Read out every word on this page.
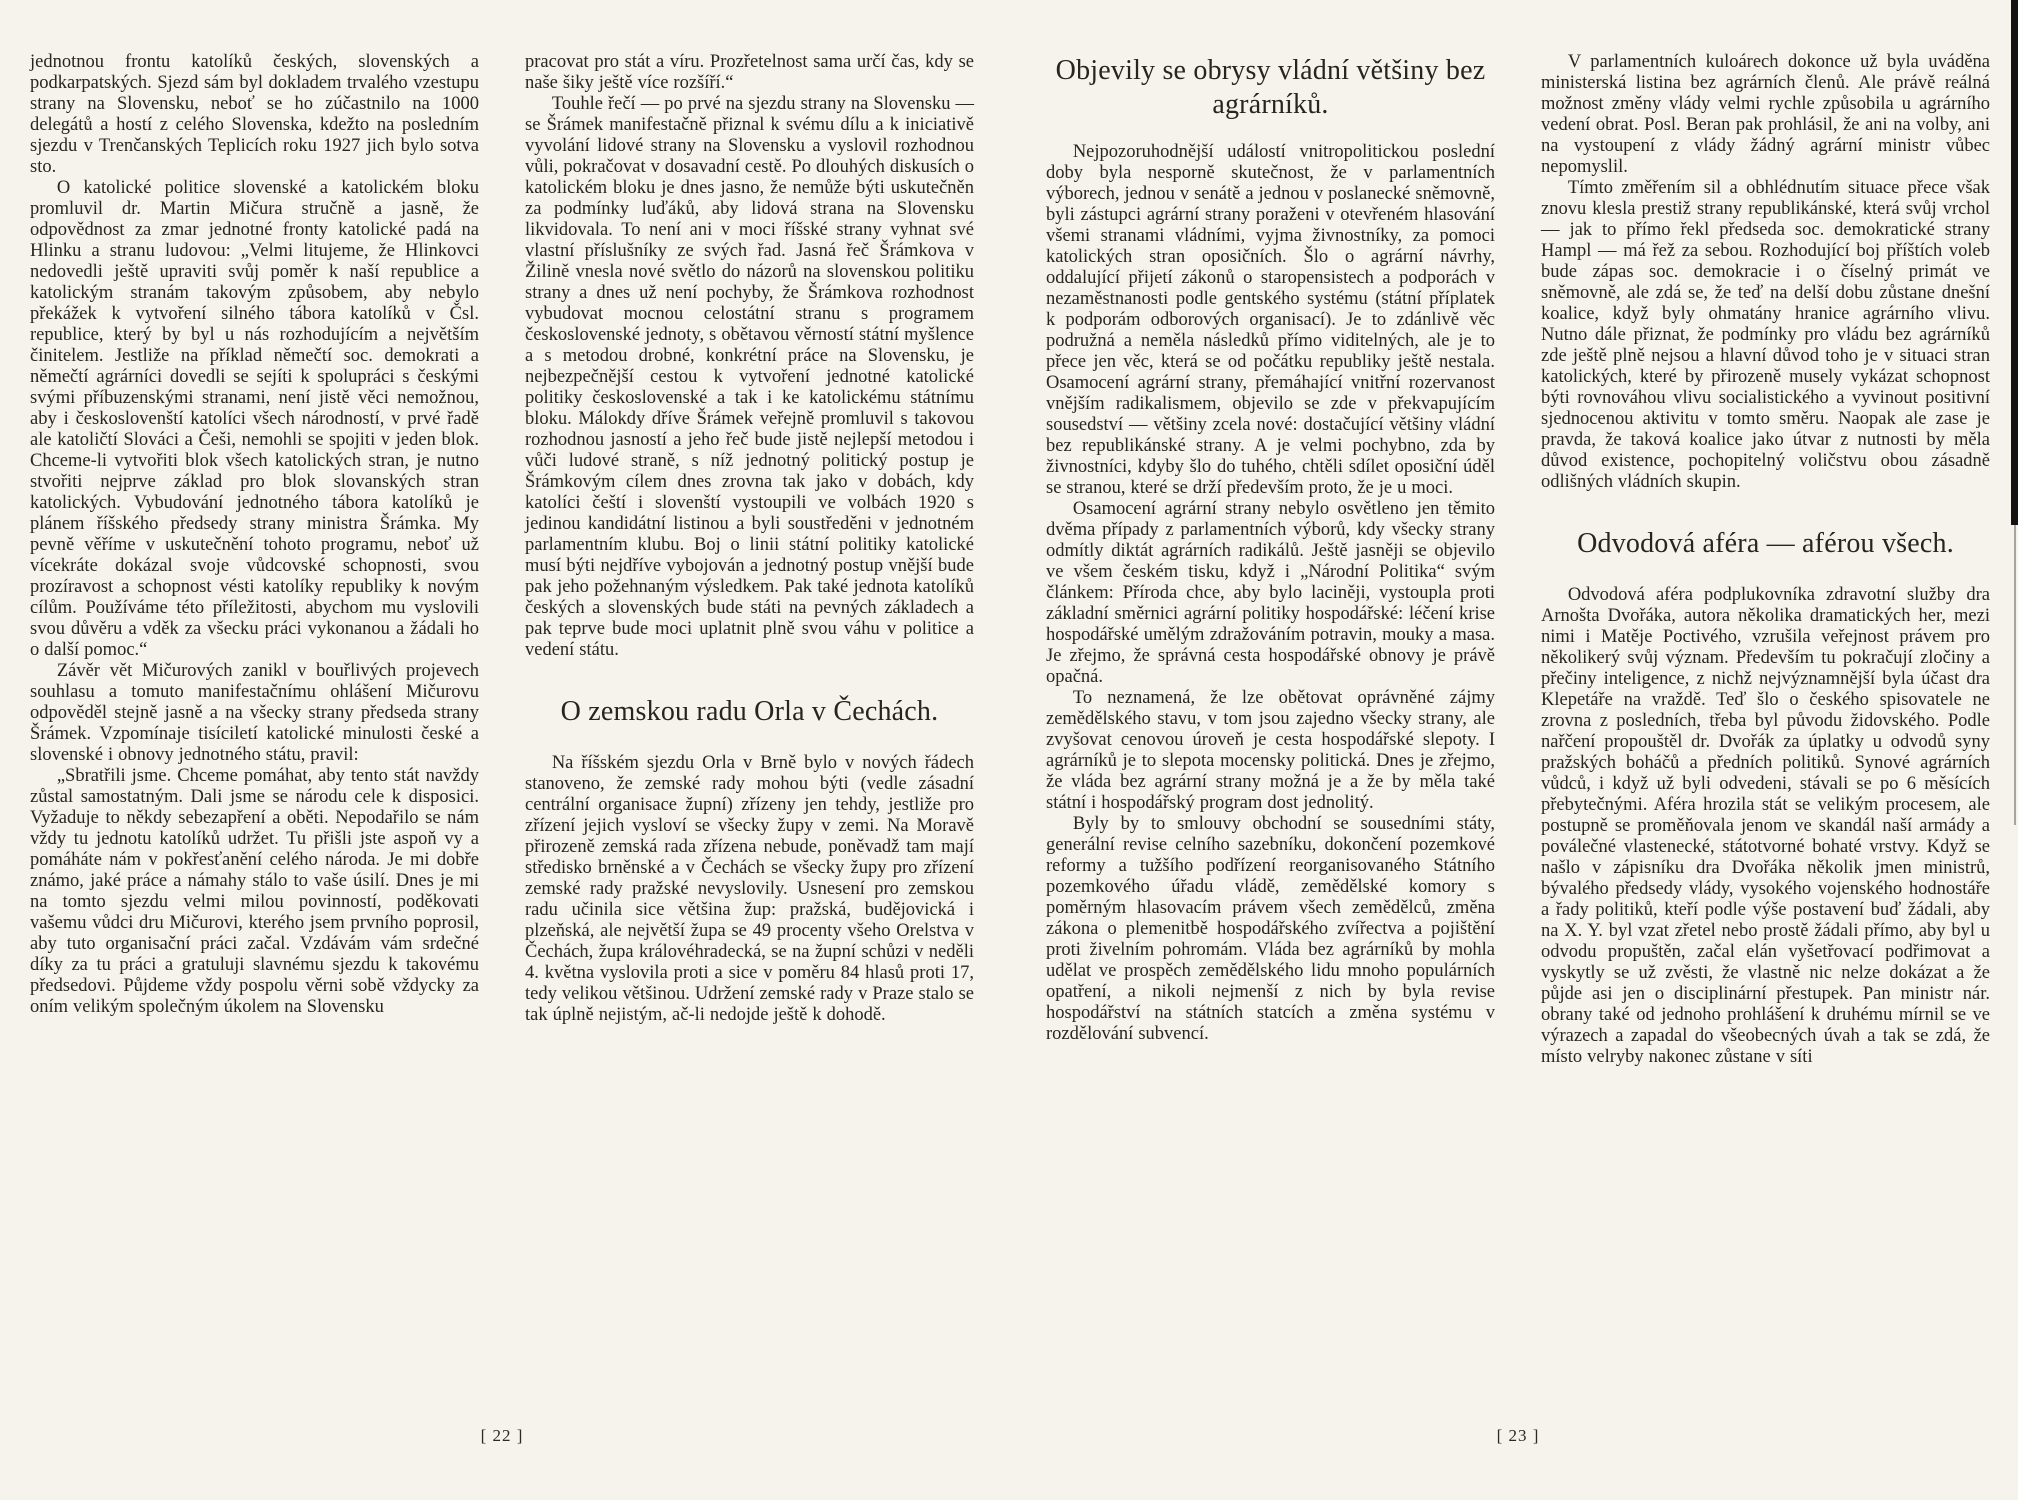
jednotnou frontu katolíků českých, slovenských a podkarpatských. Sjezd sám byl dokladem trvalého vzestupu strany na Slovensku, neboť se ho zúčastnilo na 1000 delegátů a hostí z celého Slovenska, kdežto na posledním sjezdu v Trenčanských Teplicích roku 1927 jich bylo sotva sto.

O katolické politice slovenské a katolickém bloku promluvil dr. Martin Mičura stručně a jasně, že odpovědnost za zmar jednotné fronty katolické padá na Hlinku a stranu ludovou: „Velmi litujeme, že Hlinkovci nedovedli ještě upraviti svůj poměr k naší republice a katolickým stranám takovým způsobem, aby nebylo překážek k vytvoření silného tábora katolíků v Čsl. republice, který by byl u nás rozhodujícím a největším činitelem. Jestliže na příklad němečtí soc. demokrati a němečtí agrárníci dovedli se sejíti k spolupráci s českými svými příbuzenskými stranami, není jistě věci nemožnou, aby i českoslovenští katolíci všech národností, v prvé řadě ale katoličtí Slováci a Češi, nemohli se spojiti v jeden blok. Chceme-li vytvořiti blok všech katolických stran, je nutno stvořiti nejprve základ pro blok slovanských stran katolických. Vybudování jednotného tábora katolíků je plánem říšského předsedy strany ministra Šrámka. My pevně věříme v uskutečnění tohoto programu, neboť už vícekráte dokázal svoje vůdcovské schopnosti, svou prozíravost a schopnost vésti katolíky republiky k novým cílům. Používáme této příležitosti, abychom mu vyslovili svou důvěru a vděk za všecku práci vykonanou a žádali ho o další pomoc.“

Závěr vět Mičurových zanikl v bouřlivých projevech souhlasu a tomuto manifestačnímu ohlášení Mičurovu odpověděl stejně jasně a na všecky strany předseda strany Šrámek. Vzpomínaje tisíciletí katolické minulosti české a slovenské i obnovy jednotného státu, pravil:

„Sbratřili jsme. Chceme pomáhat, aby tento stát navždy zůstal samostatným. Dali jsme se národu cele k disposici. Vyžaduje to někdy sebezapření a oběti. Nepodařilo se nám vždy tu jednotu katolíků udržet. Tu přišli jste aspoň vy a pomáháte nám v pokřesťanění celého národa. Je mi dobře známo, jaké práce a námahy stálo to vaše úsilí. Dnes je mi na tomto sjezdu velmi milou povinností, poděkovati vašemu vůdci dru Mičurovi, kterého jsem prvního poprosil, aby tuto organisační práci začal. Vzdávám vám srdečné díky za tu práci a gratuluji slavnému sjezdu k takovému předsedovi. Půjdeme vždy pospolu věrni sobě vždycky za oním velikým společným úkolem na Slovensku

pracovat pro stát a víru. Prozřetelnost sama určí čas, kdy se naše šiky ještě více rozšíří.“

Touhle řečí — po prvé na sjezdu strany na Slovensku — se Šrámek manifestačně přiznal k svému dílu a k iniciativě vyvolání lidové strany na Slovensku a vyslovil rozhodnou vůli, pokračovat v dosavadní cestě. Po dlouhých diskusích o katolickém bloku je dnes jasno, že nemůže býti uskutečněn za podmínky luďáků, aby lidová strana na Slovensku likvidovala. To není ani v moci říšské strany vyhnat své vlastní příslušníky ze svých řad. Jasná řeč Šrámkova v Žilině vnesla nové světlo do názorů na slovenskou politiku strany a dnes už není pochyby, že Šrámkova rozhodnost vybudovat mocnou celostátní stranu s programem československé jednoty, s obětavou věrností státní myšlence a s metodou drobné, konkrétní práce na Slovensku, je nejbezpečnější cestou k vytvoření jednotné katolické politiky československé a tak i ke katolickému státnímu bloku. Málokdy dříve Šrámek veřejně promluvil s takovou rozhodnou jasností a jeho řeč bude jistě nejlepší metodou i vůči ludové straně, s níž jednotný politický postup je Šrámkovým cílem dnes zrovna tak jako v dobách, kdy katolíci čeští i slovenští vystoupili ve volbách 1920 s jedinou kandidátní listinou a byli soustředěni v jednotném parlamentním klubu. Boj o linii státní politiky katolické musí býti nejdříve vybojován a jednotný postup vnější bude pak jeho požehnaným výsledkem. Pak také jednota katolíků českých a slovenských bude státi na pevných základech a pak teprve bude moci uplatnit plně svou váhu v politice a vedení státu.

O zemskou radu Orla v Čechách.

Na říšském sjezdu Orla v Brně bylo v nových řádech stanoveno, že zemské rady mohou býti (vedle zásadní centrální organisace župní) zřízeny jen tehdy, jestliže pro zřízení jejich vysloví se všecky župy v zemi. Na Moravě přirozeně zemská rada zřízena nebude, poněvadž tam mají středisko brněnské a v Čechách se všecky župy pro zřízení zemské rady pražské nevyslovily. Usnesení pro zemskou radu učinila sice většina žup: pražská, budějovická i plzeňská, ale největší župa se 49 procenty všeho Orelstva v Čechách, župa královéhradecká, se na župní schůzi v neděli 4. května vyslovila proti a sice v poměru 84 hlasů proti 17, tedy velikou většinou. Udržení zemské rady v Praze stalo se tak úplně nejistým, ač-li nedojde ještě k dohodě.

[ 22 ]
Objevily se obrysy vládní většiny bez agrárníků.

Nejpozoruhodnější událostí vnitropolitickou poslední doby byla nesporně skutečnost, že v parlamentních výborech, jednou v senátě a jednou v poslanecké sněmovně, byli zástupci agrární strany poraženi v otevřeném hlasování všemi stranami vládními, vyjma živnostníky, za pomoci katolických stran oposičních. Šlo o agrární návrhy, oddalující přijetí zákonů o staropensistech a podporách v nezaměstnanosti podle gentského systému (státní příplatek k podporám odborových organisací). Je to zdánlivě věc podružná a neměla následků přímo viditelných, ale je to přece jen věc, která se od počátku republiky ještě nestala. Osamocení agrární strany, přemáhající vnitřní rozervanost vnějším radikalismem, objevilo se zde v překvapujícím sousedství — většiny zcela nové: dostačující většiny vládní bez republikánské strany. A je velmi pochybno, zda by živnostníci, kdyby šlo do tuhého, chtěli sdílet oposiční úděl se stranou, které se drží především proto, že je u moci.

Osamocení agrární strany nebylo osvětleno jen těmito dvěma případy z parlamentních výborů, kdy všecky strany odmítly diktát agrárních radikálů. Ještě jasněji se objevilo ve všem českém tisku, když i „Národní Politika“ svým článkem: Příroda chce, aby bylo laciněji, vystoupla proti základní směrnici agrární politiky hospodářské: léčení krise hospodářské umělým zdražováním potravin, mouky a masa. Je zřejmo, že správná cesta hospodářské obnovy je právě opačná.

To neznamená, že lze obětovat oprávněné zájmy zemědělského stavu, v tom jsou zajedno všecky strany, ale zvyšovat cenovou úroveň je cesta hospodářské slepoty. I agrárníků je to slepota mocensky politická. Dnes je zřejmo, že vláda bez agrární strany možná je a že by měla také státní i hospodářský program dost jednolitý.

Byly by to smlouvy obchodní se sousedními státy, generální revise celního sazebníku, dokončení pozemkové reformy a tužšího podřízení reorganisovaného Státního pozemkového úřadu vládě, zemědělské komory s poměrným hlasovacím právem všech zemědělců, změna zákona o plemenitbě hospodářského zvířectva a pojištění proti živelním pohromám. Vláda bez agrárníků by mohla udělat ve prospěch zemědělského lidu mnoho populárních opatření, a nikoli nejmenší z nich by byla revise hospodářství na státních statcích a změna systému v rozdělování subvencí.

V parlamentních kuloárech dokonce už byla uváděna ministerská listina bez agrárních členů. Ale právě reálná možnost změny vlády velmi rychle způsobila u agrárního vedení obrat. Posl. Beran pak prohlásil, že ani na volby, ani na vystoupení z vlády žádný agrární ministr vůbec nepomyslil.

Tímto změřením sil a obhlédnutím situace přece však znovu klesla prestiž strany republikánské, která svůj vrchol — jak to přímo řekl předseda soc. demokratické strany Hampl — má řež za sebou. Rozhodující boj příštích voleb bude zápas soc. demokracie i o číselný primát ve sněmovně, ale zdá se, že teď na delší dobu zůstane dnešní koalice, když byly ohmatány hranice agrárního vlivu. Nutno dále přiznat, že podmínky pro vládu bez agrárníků zde ještě plně nejsou a hlavní důvod toho je v situaci stran katolických, které by přirozeně musely vykázat schopnost býti rovnováhou vlivu socialistického a vyvinout positivní sjednocenou aktivitu v tomto směru. Naopak ale zase je pravda, že taková koalice jako útvar z nutnosti by měla důvod existence, pochopitelný voličstvu obou zásadně odlišných vládních skupin.

Odvodová aféra — aférou všech.

Odvodová aféra podplukovníka zdravotní služby dra Arnošta Dvořáka, autora několika dramatických her, mezi nimi i Matěje Poctivého, vzrušila veřejnost právem pro několikerý svůj význam. Především tu pokračují zločiny a přečiny inteligence, z nichž nejvýznamnější byla účast dra Klepetáře na vraždě. Teď šlo o českého spisovatele ne zrovna z posledních, třeba byl původu židovského. Podle nařčení propouštěl dr. Dvořák za úplatky u odvodů syny pražských boháčů a předních politiků. Synové agrárních vůdců, i když už byli odvedeni, stávali se po 6 měsících přebytečnými. Aféra hrozila stát se velikým procesem, ale postupně se proměňovala jenom ve skandál naší armády a poválečné vlastenecké, státotvorné bohaté vrstvy. Když se našlo v zápisníku dra Dvořáka několik jmen ministrů, bývalého předsedy vlády, vysokého vojenského hodnostáře a řady politiků, kteří podle výše postavení buď žádali, aby na X. Y. byl vzat zřetel nebo prostě žádali přímo, aby byl u odvodu propuštěn, začal elán vyšetřovací podřimovat a vyskytly se už zvěsti, že vlastně nic nelze dokázat a že půjde asi jen o disciplinární přestupek. Pan ministr nár. obrany také od jednoho prohlášení k druhému mírnil se ve výrazech a zapadal do všeobecných úvah a tak se zdá, že místo velryby nakonec zůstane v síti

[ 23 ]
